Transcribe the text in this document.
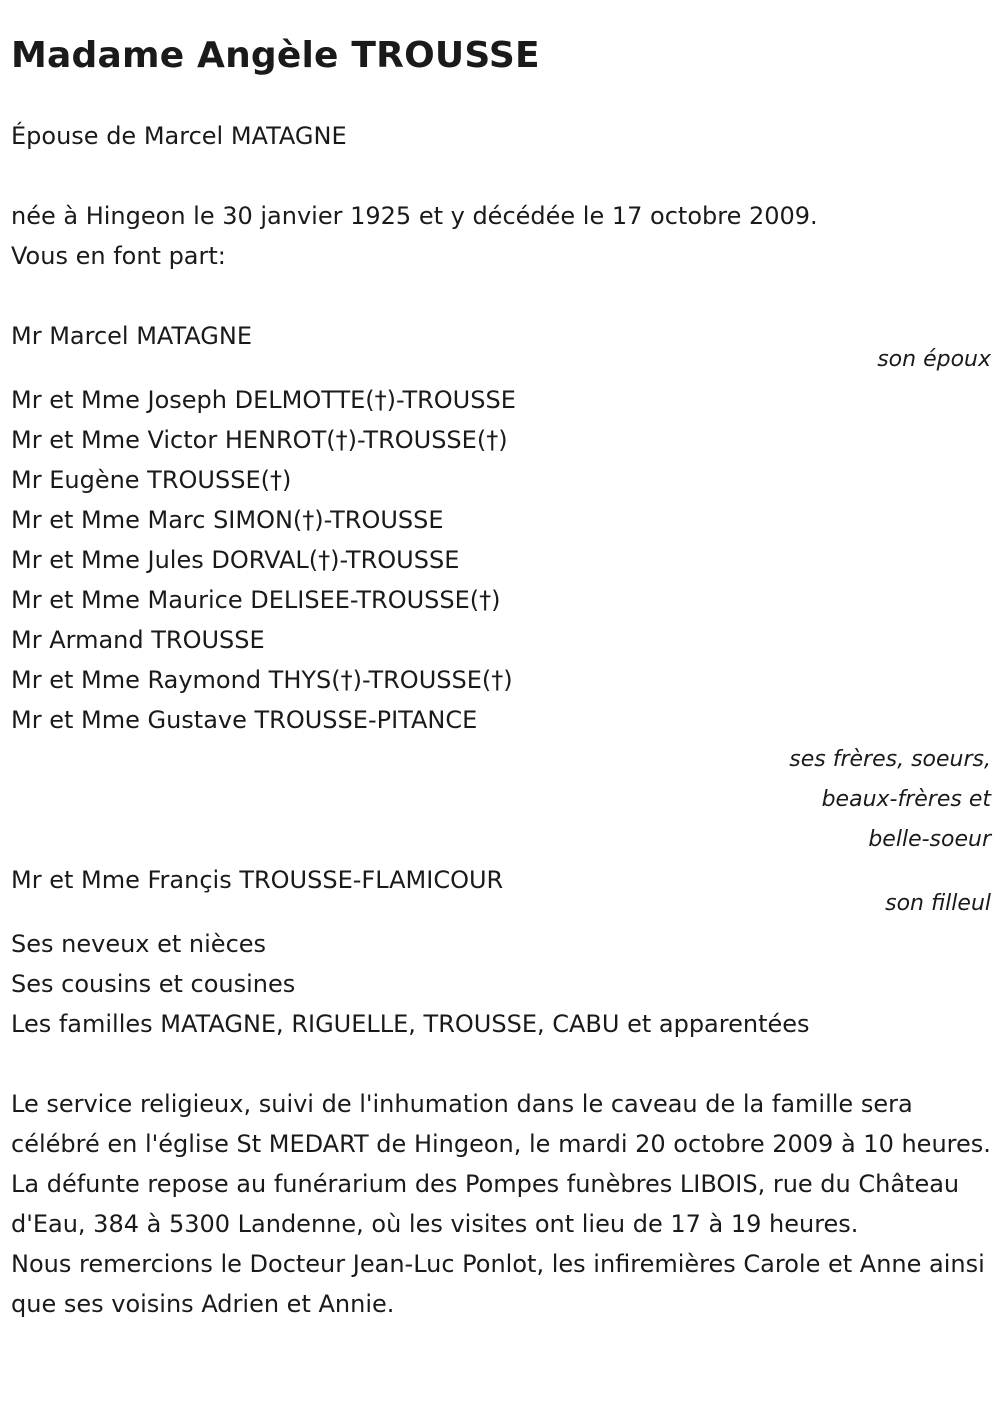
Madame Angèle TROUSSE
Épouse de Marcel MATAGNE
née à Hingeon le 30 janvier 1925 et y décédée le 17 octobre 2009.
Vous en font part:
Mr Marcel MATAGNE
son époux
Mr et Mme Joseph DELMOTTE(†)-TROUSSE
Mr et Mme Victor HENROT(†)-TROUSSE(†)
Mr Eugène TROUSSE(†)
Mr et Mme Marc SIMON(†)-TROUSSE
Mr et Mme Jules DORVAL(†)-TROUSSE
Mr et Mme Maurice DELISEE-TROUSSE(†)
Mr Armand TROUSSE
Mr et Mme Raymond THYS(†)-TROUSSE(†)
Mr et Mme Gustave TROUSSE-PITANCE
ses frères, soeurs,
beaux-frères et
belle-soeur
Mr et Mme Françis TROUSSE-FLAMICOUR
son filleul
Ses neveux et nièces
Ses cousins et cousines
Les familles MATAGNE, RIGUELLE, TROUSSE, CABU et apparentées
Le service religieux, suivi de l'inhumation dans le caveau de la famille sera célébré en l'église St MEDART de Hingeon, le mardi 20 octobre 2009 à 10 heures.
La défunte repose au funérarium des Pompes funèbres LIBOIS, rue du Château d'Eau, 384 à 5300 Landenne, où les visites ont lieu de 17 à 19 heures.
Nous remercions le Docteur Jean-Luc Ponlot, les infiremières Carole et Anne ainsi que ses voisins Adrien et Annie.
